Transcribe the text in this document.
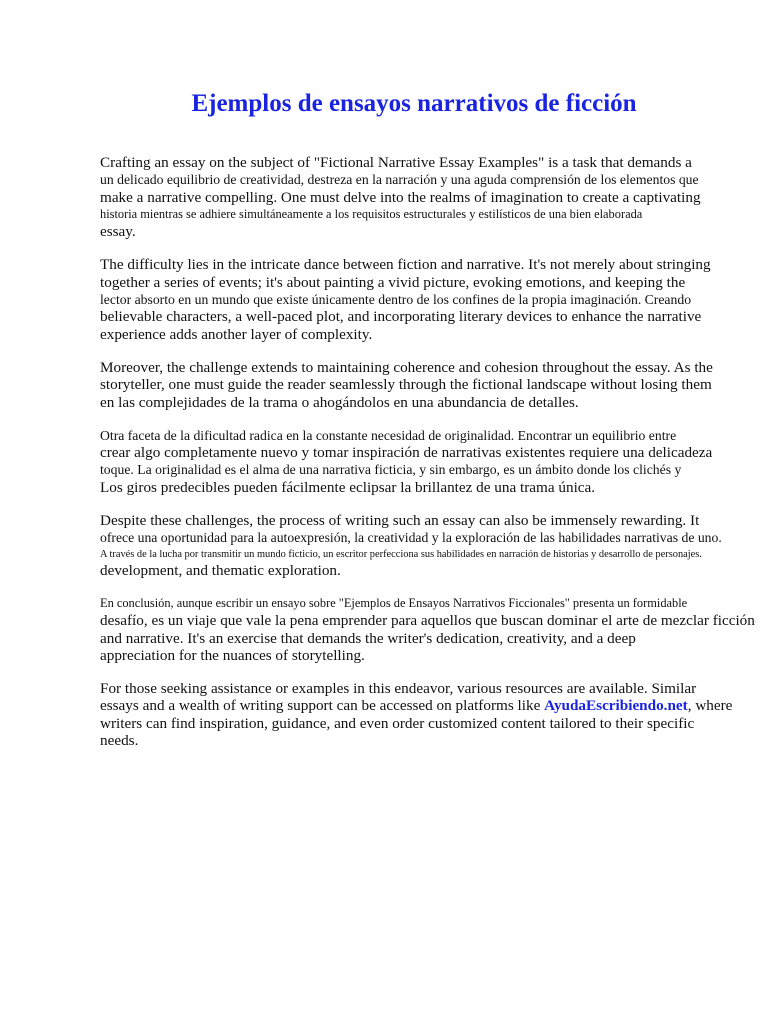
Ejemplos de ensayos narrativos de ficción
Crafting an essay on the subject of "Fictional Narrative Essay Examples" is a task that demands a
un delicado equilibrio de creatividad, destreza en la narración y una aguda comprensión de los elementos que
make a narrative compelling. One must delve into the realms of imagination to create a captivating
historia mientras se adhiere simultáneamente a los requisitos estructurales y estilísticos de una bien elaborada
essay.
The difficulty lies in the intricate dance between fiction and narrative. It's not merely about stringing
together a series of events; it's about painting a vivid picture, evoking emotions, and keeping the
lector absorto en un mundo que existe únicamente dentro de los confines de la propia imaginación. Creando
believable characters, a well-paced plot, and incorporating literary devices to enhance the narrative
experience adds another layer of complexity.
Moreover, the challenge extends to maintaining coherence and cohesion throughout the essay. As the
storyteller, one must guide the reader seamlessly through the fictional landscape without losing them
en las complejidades de la trama o ahogándolos en una abundancia de detalles.
Otra faceta de la dificultad radica en la constante necesidad de originalidad. Encontrar un equilibrio entre
crear algo completamente nuevo y tomar inspiración de narrativas existentes requiere una delicadeza
toque. La originalidad es el alma de una narrativa ficticia, y sin embargo, es un ámbito donde los clichés y
Los giros predecibles pueden fácilmente eclipsar la brillantez de una trama única.
Despite these challenges, the process of writing such an essay can also be immensely rewarding. It
ofrece una oportunidad para la autoexpresión, la creatividad y la exploración de las habilidades narrativas de uno.
A través de la lucha por transmitir un mundo ficticio, un escritor perfecciona sus habilidades en narración de historias y desarrollo de personajes.
development, and thematic exploration.
En conclusión, aunque escribir un ensayo sobre "Ejemplos de Ensayos Narrativos Ficcionales" presenta un formidable
desafío, es un viaje que vale la pena emprender para aquellos que buscan dominar el arte de mezclar ficción
and narrative. It's an exercise that demands the writer's dedication, creativity, and a deep
appreciation for the nuances of storytelling.
For those seeking assistance or examples in this endeavor, various resources are available. Similar
essays and a wealth of writing support can be accessed on platforms like AyudaEscribiendo.net, where
writers can find inspiration, guidance, and even order customized content tailored to their specific
needs.
